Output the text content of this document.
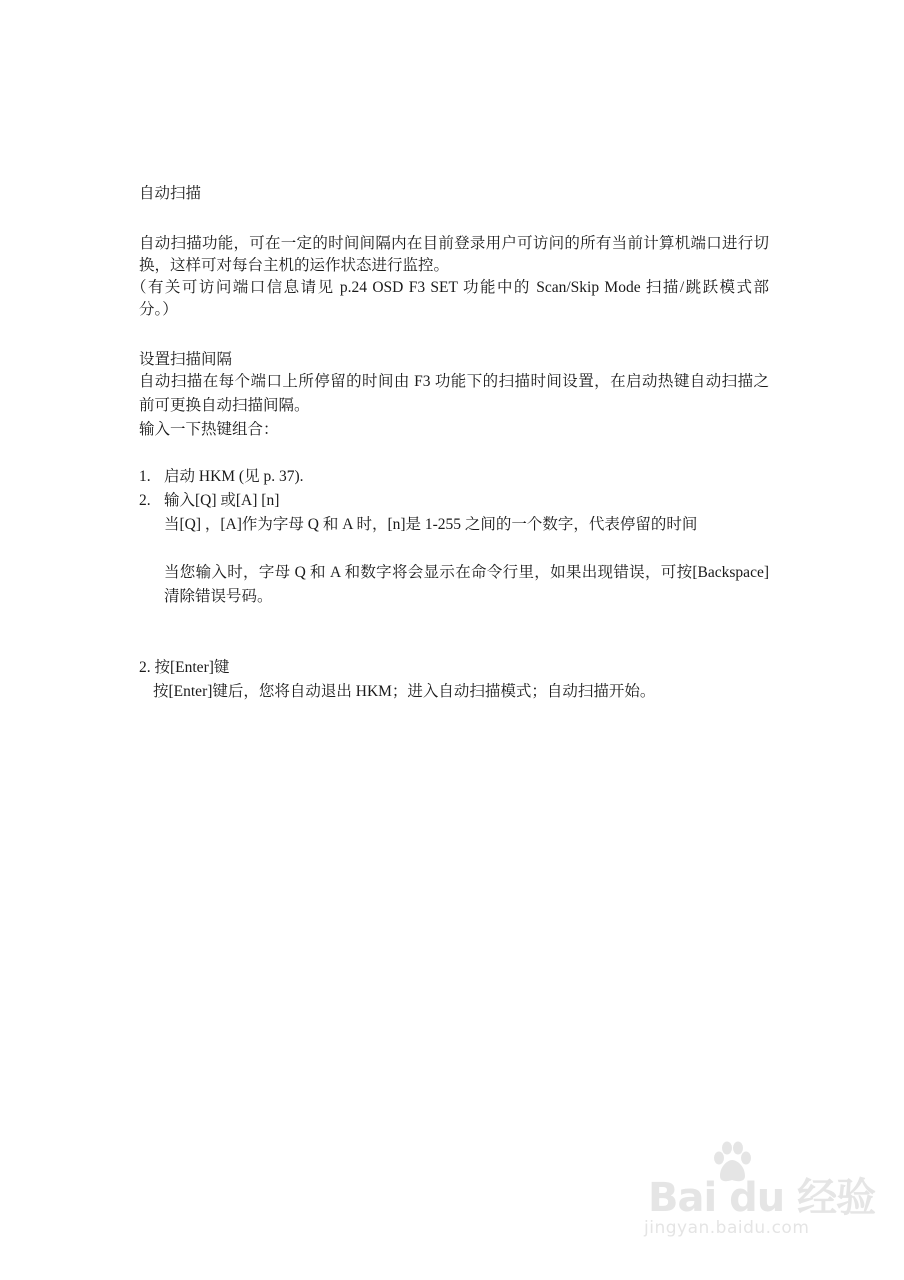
自动扫描
自动扫描功能，可在一定的时间间隔内在目前登录用户可访问的所有当前计算机端口进行切
换，这样可对每台主机的运作状态进行监控。
（有关可访问端口信息请见 p.24 OSD F3 SET 功能中的 Scan/Skip Mode 扫描/跳跃模式部
分。）
设置扫描间隔
自动扫描在每个端口上所停留的时间由 F3 功能下的扫描时间设置，在启动热键自动扫描之
前可更换自动扫描间隔。
输入一下热键组合：
1. 启动 HKM (见 p. 37).
2. 输入[Q] 或[A] [n]
当[Q] ，[A]作为字母 Q 和 A 时，[n]是 1-255 之间的一个数字，代表停留的时间
当您输入时，字母 Q 和 A 和数字将会显示在命令行里，如果出现错误，可按[Backspace]
清除错误号码。
2. 按[Enter]键
按[Enter]键后，您将自动退出 HKM；进入自动扫描模式；自动扫描开始。
Bai du 经验
jingyan.baidu.com
